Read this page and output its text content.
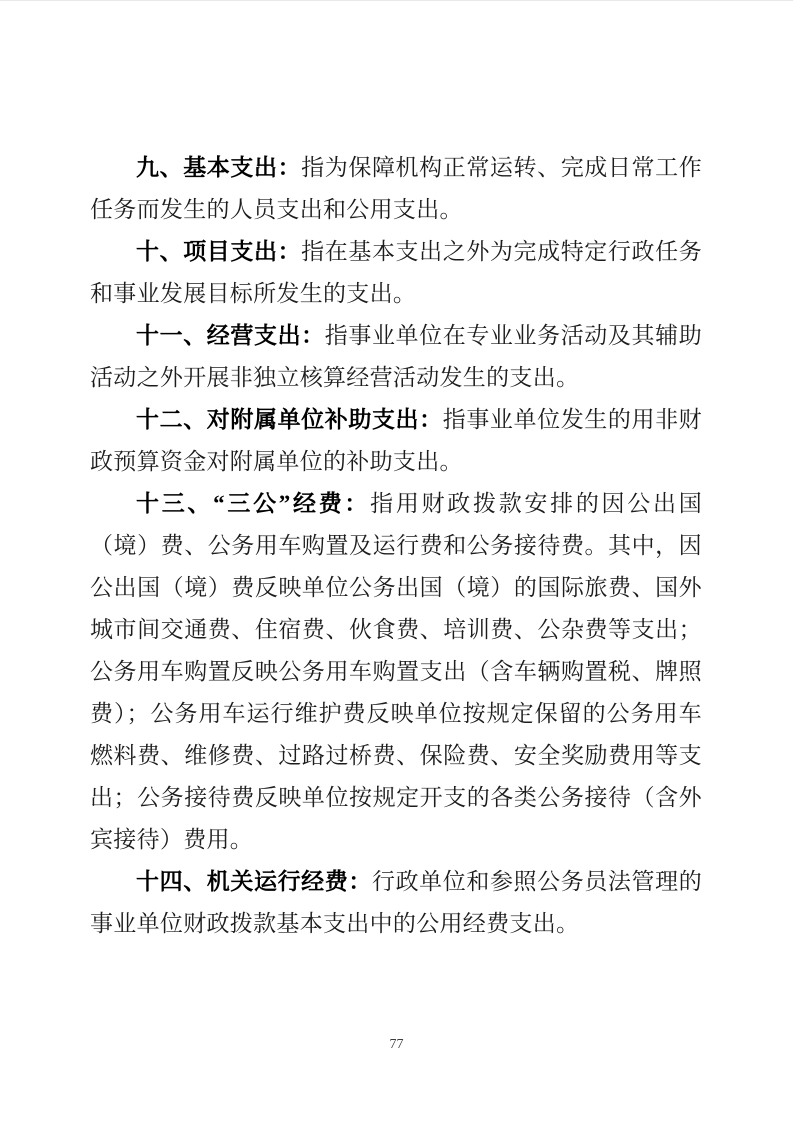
九、基本支出：指为保障机构正常运转、完成日常工作任务而发生的人员支出和公用支出。

十、项目支出：指在基本支出之外为完成特定行政任务和事业发展目标所发生的支出。

十一、经营支出：指事业单位在专业业务活动及其辅助活动之外开展非独立核算经营活动发生的支出。

十二、对附属单位补助支出：指事业单位发生的用非财政预算资金对附属单位的补助支出。

十三、“三公”经费：指用财政拨款安排的因公出国（境）费、公务用车购置及运行费和公务接待费。其中，因公出国（境）费反映单位公务出国（境）的国际旅费、国外城市间交通费、住宿费、伙食费、培训费、公杂费等支出；公务用车购置反映公务用车购置支出（含车辆购置税、牌照费）；公务用车运行维护费反映单位按规定保留的公务用车燃料费、维修费、过路过桥费、保险费、安全奖励费用等支出；公务接待费反映单位按规定开支的各类公务接待（含外宾接待）费用。

十四、机关运行经费：行政单位和参照公务员法管理的事业单位财政拨款基本支出中的公用经费支出。

77
